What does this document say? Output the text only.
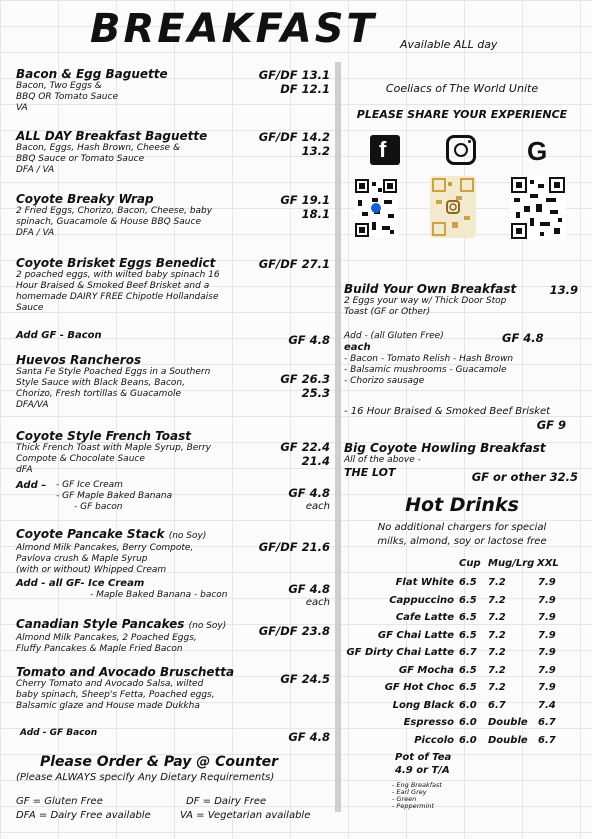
BREAKFAST Available ALL day
Bacon & Egg Baguette
Bacon, Two Eggs &
BBQ OR Tomato Sauce
VA
GF/DF 13.1
DF 12.1
ALL DAY Breakfast Baguette
Bacon, Eggs, Hash Brown, Cheese &
BBQ Sauce or Tomato Sauce
DFA / VA
GF/DF 14.2
13.2
Coyote Breaky Wrap
2 Fried Eggs, Chorizo, Bacon, Cheese, baby
spinach, Guacamole & House BBQ Sauce
DFA / VA
GF 19.1
18.1
Coyote Brisket Eggs Benedict
2 poached eggs, with wilted baby spinach 16
Hour Braised & Smoked Beef Brisket and a
homemade DAIRY FREE Chipotle Hollandaise
Sauce
GF/DF 27.1
Add GF - Bacon	GF 4.8
Huevos Rancheros
Santa Fe Style Poached Eggs in a Southern
Style Sauce with Black Beans, Bacon,
Chorizo, Fresh tortillas & Guacamole
DFA/VA
GF 26.3
25.3
Coyote Style French Toast
Thick French Toast with Maple Syrup, Berry
Compote & Chocolate Sauce
dFA
GF 22.4
21.4
Add –	- GF Ice Cream
- GF Maple Baked Banana
- GF bacon
GF 4.8
each
Coyote Pancake Stack (no Soy)
Almond Milk Pancakes, Berry Compote,
Pavlova crush & Maple Syrup
(with or without) Whipped Cream
GF/DF 21.6
Add - all GF- Ice Cream
- Maple Baked Banana - bacon	GF 4.8
each
Canadian Style Pancakes (no Soy)
Almond Milk Pancakes, 2 Poached Eggs,
Fluffy Pancakes & Maple Fried Bacon
GF/DF 23.8
Tomato and Avocado Bruschetta
Cherry Tomato and Avocado Salsa, wilted
baby spinach, Sheep's Fetta, Poached eggs,
Balsamic glaze and House made Dukkha
GF 24.5
Add - GF Bacon	GF 4.8
Please Order & Pay @ Counter
(Please ALWAYS specify Any Dietary Requirements)
GF = Gluten Free	DF = Dairy Free
DFA = Dairy Free available	VA = Vegetarian available
Coeliacs of The World Unite
PLEASE SHARE YOUR EXPERIENCE
f	G
Build Your Own Breakfast	13.9
2 Eggs your way w/ Thick Door Stop
Toast (GF or Other)
Add - (all Gluten Free)	GF 4.8
each
- Bacon - Tomato Relish - Hash Brown
- Balsamic mushrooms - Guacamole
- Chorizo sausage
- 16 Hour Braised & Smoked Beef Brisket
GF 9
Big Coyote Howling Breakfast
All of the above -
THE LOT	GF or other 32.5
Hot Drinks
No additional chargers for special
milks, almond, soy or lactose free
Cup Mug/Lrg XXL
Flat White 6.5	7.2	7.9
Cappuccino 6.5	7.2	7.9
Cafe Latte 6.5	7.2	7.9
GF Chai Latte 6.5	7.2	7.9
GF Dirty Chai Latte 6.7	7.2	7.9
GF Mocha 6.5	7.2	7.9
GF Hot Choc 6.5	7.2	7.9
Long Black 6.0	6.7	7.4
Espresso 6.0	Double 6.7
Piccolo 6.0	Double 6.7
Pot of Tea
4.9 or T/A
- Eng Breakfast
- Earl Grey
- Green
- Peppermint
